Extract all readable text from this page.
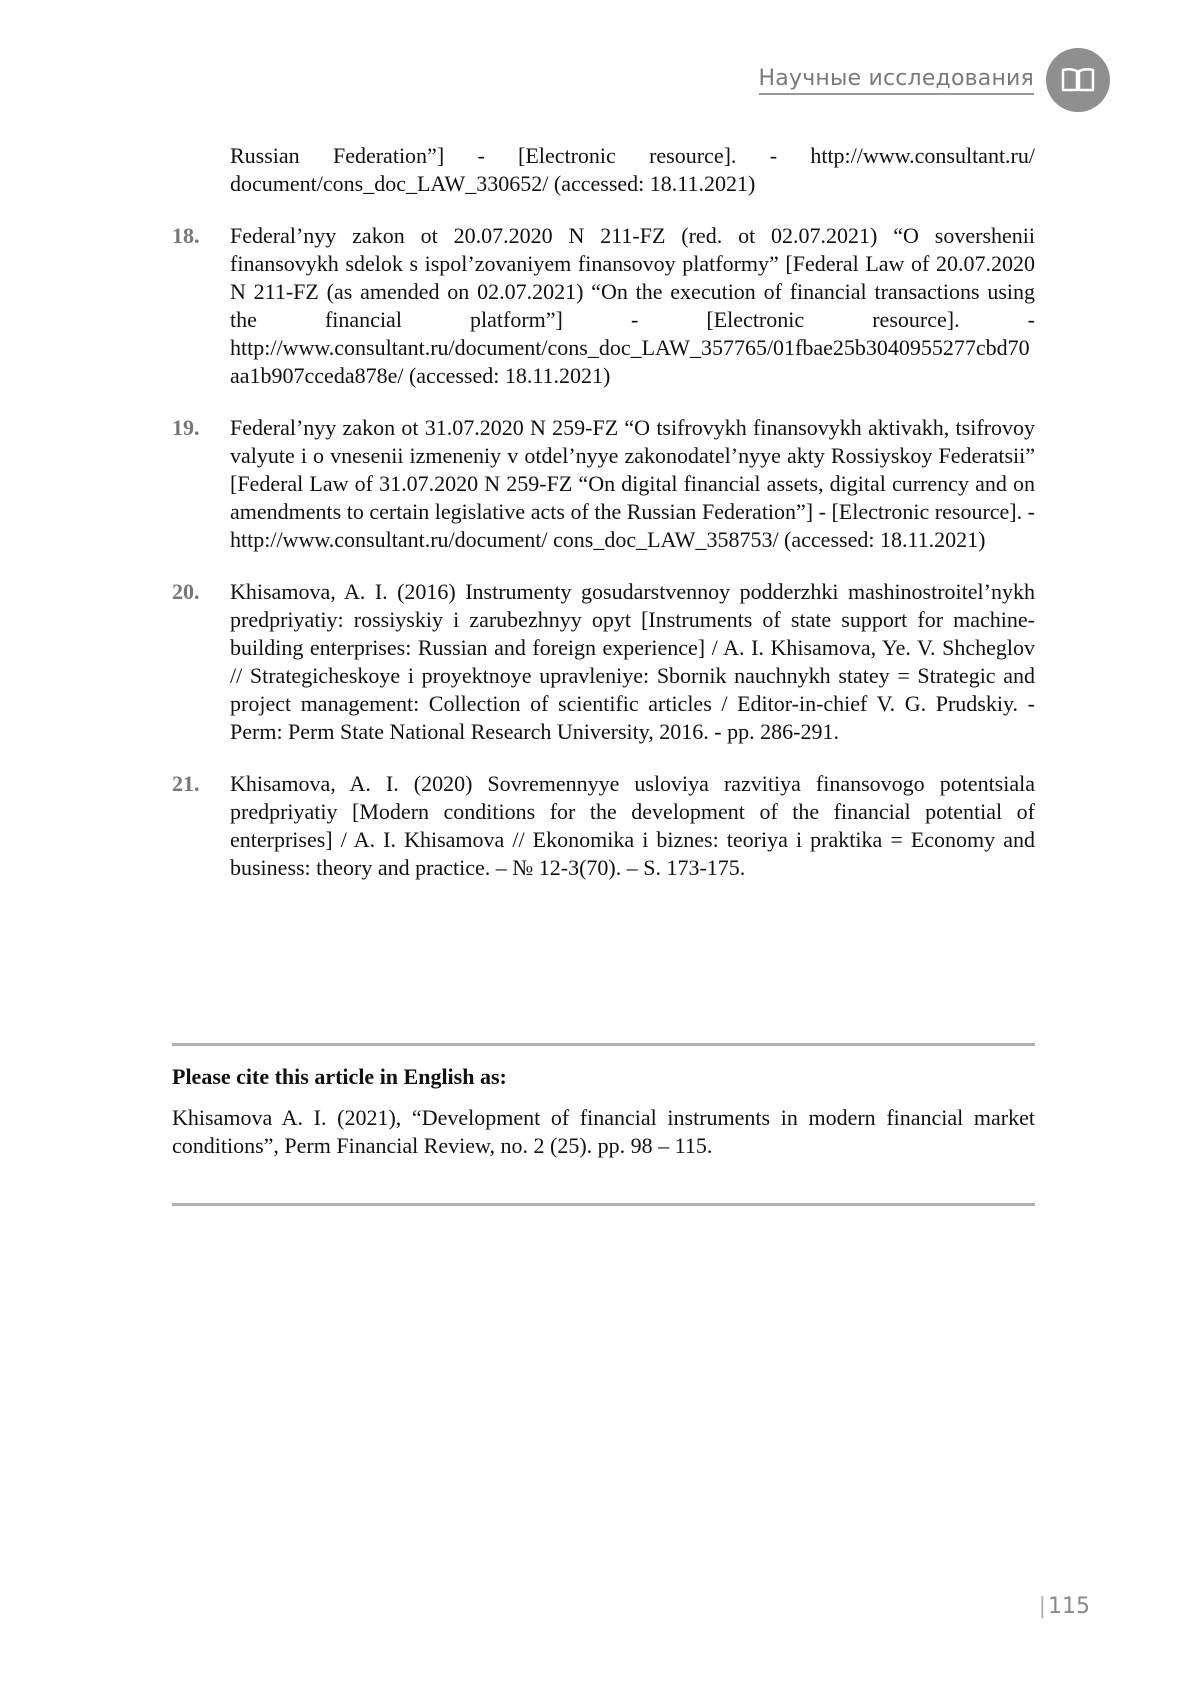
Научные исследования
Russian Federation”] - [Electronic resource]. - http://www.consultant.ru/ document/cons_doc_LAW_330652/ (accessed: 18.11.2021)
18.	Federal’nyy zakon ot 20.07.2020 N 211-FZ (red. ot 02.07.2021) “O sovershenii finansovykh sdelok s ispol’zovaniyem finansovoy platformy” [Federal Law of 20.07.2020 N 211-FZ (as amended on 02.07.2021) “On the execution of financial transactions using the financial platform”] - [Electronic resource]. - http://www.consultant.ru/document/cons_doc_LAW_357765/01fbae25b3040955277cbd70aa1b907cceda878e/ (accessed: 18.11.2021)
19.	Federal’nyy zakon ot 31.07.2020 N 259-FZ “O tsifrovykh finansovykh aktivakh, tsifrovoy valyute i o vnesenii izmeneniy v otdel’nyye zakonodatel’nyye akty Rossiyskoy Federatsii” [Federal Law of 31.07.2020 N 259-FZ “On digital financial assets, digital currency and on amendments to certain legislative acts of the Russian Federation”] - [Electronic resource]. - http://www.consultant.ru/document/ cons_doc_LAW_358753/ (accessed: 18.11.2021)
20.	Khisamova, A. I. (2016) Instrumenty gosudarstvennoy podderzhki mashinostroitel’nykh predpriyatiy: rossiyskiy i zarubezhnyy opyt [Instruments of state support for machine-building enterprises: Russian and foreign experience] / A. I. Khisamova, Ye. V. Shcheglov // Strategicheskoye i proyektnoye upravleniye: Sbornik nauchnykh statey = Strategic and project management: Collection of scientific articles / Editor-in-chief V. G. Prudskiy. - Perm: Perm State National Research University, 2016. - pp. 286-291.
21.	Khisamova, A. I. (2020) Sovremennyye usloviya razvitiya finansovogo potentsiala predpriyatiy [Modern conditions for the development of the financial potential of enterprises] / A. I. Khisamova // Ekonomika i biznes: teoriya i praktika = Economy and business: theory and practice. – № 12-3(70). – S. 173-175.
Please cite this article in English as:
Khisamova A. I. (2021), “Development of financial instruments in modern financial market conditions”, Perm Financial Review, no. 2 (25). pp. 98 – 115.
|115
